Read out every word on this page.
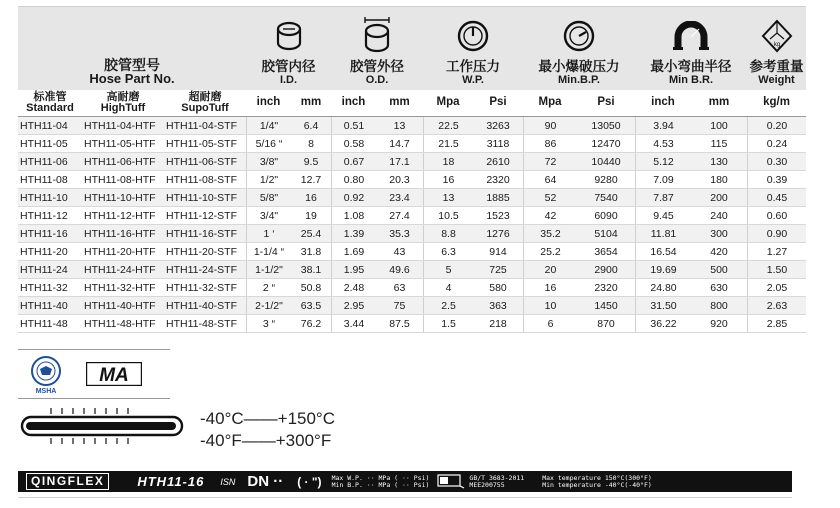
胶管型号
Hose Part No.
胶管内径
I.D.
胶管外径
O.D.
工作压力
W.P.
最小爆破压力
Min.B.P.
最小弯曲半径
Min B.R.
kg
参考重量
Weight
标准管
Standard
高耐磨
HighTuff
超耐磨
SupoTuff
inch	mm	inch	mm	Mpa	Psi	Mpa	Psi	inch	mm	kg/m
HTH11-04	HTH11-04-HTF HTH11-04-STF	1/4"	6.4	0.51	13	22.5	3263	90	13050	3.94	100	0.20
HTH11-05	HTH11-05-HTF HTH11-05-STF	5/16 “	8	0.58	14.7	21.5	3118	86	12470	4.53	115	0.24
HTH11-06	HTH11-06-HTF HTH11-06-STF	3/8"	9.5	0.67	17.1	18	2610	72	10440	5.12	130	0.30
HTH11-08	HTH11-08-HTF HTH11-08-STF	1/2"	12.7	0.80	20.3	16	2320	64	9280	7.09	180	0.39
HTH11-10	HTH11-10-HTF HTH11-10-STF	5/8"	16	0.92	23.4	13	1885	52	7540	7.87	200	0.45
HTH11-12	HTH11-12-HTF HTH11-12-STF	3/4"	19	1.08	27.4	10.5	1523	42	6090	9.45	240	0.60
HTH11-16	HTH11-16-HTF HTH11-16-STF	1 ‘	25.4	1.39	35.3	8.8	1276	35.2	5104	11.81	300	0.90
HTH11-20	HTH11-20-HTF HTH11-20-STF	1-1/4 “	31.8	1.69	43	6.3	914	25.2	3654	16.54	420	1.27
HTH11-24	HTH11-24-HTF HTH11-24-STF	1-1/2"	38.1	1.95	49.6	5	725	20	2900	19.69	500	1.50
HTH11-32	HTH11-32-HTF HTH11-32-STF	2 “	50.8	2.48	63	4	580	16	2320	24.80	630	2.05
HTH11-40	HTH11-40-HTF HTH11-40-STF	2-1/2"	63.5	2.95	75	2.5	363	10	1450	31.50	800	2.63
HTH11-48	HTH11-48-HTF HTH11-48-STF	3 “	76.2	3.44	87.5	1.5	218	6	870	36.22	920	2.85
MSHA
MA
-40°C——+150°C
-40°F——+300°F
QINGFLEX	HTH11-16 ISN DN ·· ( · ") Max W.P. ·· MPa ( ·· Psi)
Min B.P. ·· MPa ( ·· Psi)
GB/T 3683-2011
MEE200755
Max temperature 150°C(300°F)
Min temperature -40°C(-40°F)
